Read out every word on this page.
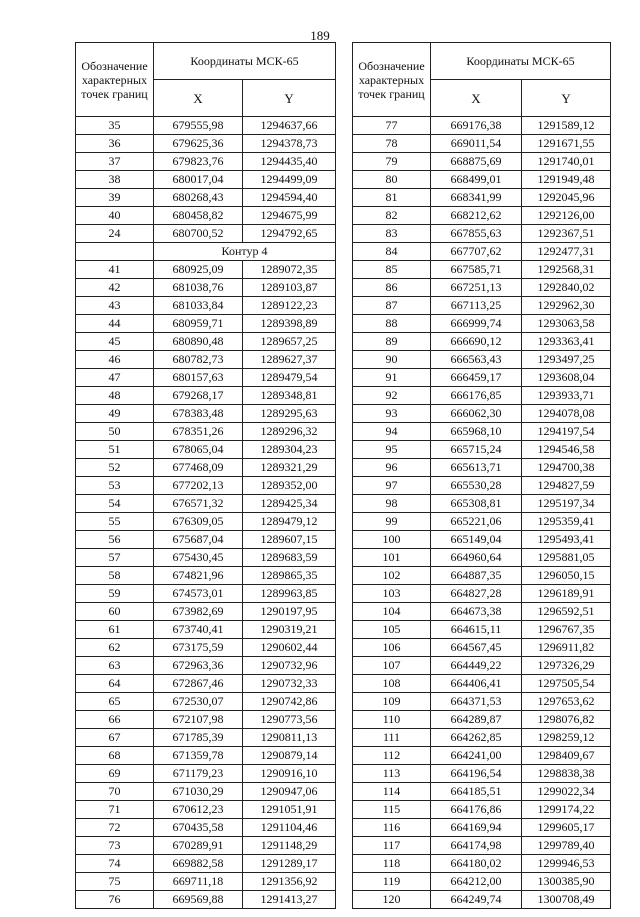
189
Обозначение характерных точек границ	Координаты МСК-65	
	X	Y
35	679555,98	1294637,66
36	679625,36	1294378,73
37	679823,76	1294435,40
38	680017,04	1294499,09
39	680268,43	1294594,40
40	680458,82	1294675,99
24	680700,52	1294792,65
	Контур 4	
41	680925,09	1289072,35
42	681038,76	1289103,87
43	681033,84	1289122,23
44	680959,71	1289398,89
45	680890,48	1289657,25
46	680782,73	1289627,37
47	680157,63	1289479,54
48	679268,17	1289348,81
49	678383,48	1289295,63
50	678351,26	1289296,32
51	678065,04	1289304,23
52	677468,09	1289321,29
53	677202,13	1289352,00
54	676571,32	1289425,34
55	676309,05	1289479,12
56	675687,04	1289607,15
57	675430,45	1289683,59
58	674821,96	1289865,35
59	674573,01	1289963,85
60	673982,69	1290197,95
61	673740,41	1290319,21
62	673175,59	1290602,44
63	672963,36	1290732,96
64	672867,46	1290732,33
65	672530,07	1290742,86
66	672107,98	1290773,56
67	671785,39	1290811,13
68	671359,78	1290879,14
69	671179,23	1290916,10
70	671030,29	1290947,06
71	670612,23	1291051,91
72	670435,58	1291104,46
73	670289,91	1291148,29
74	669882,58	1291289,17
75	669711,18	1291356,92
76	669569,88	1291413,27
Обозначение характерных точек границ	Координаты МСК-65	
	X	Y
77	669176,38	1291589,12
78	669011,54	1291671,55
79	668875,69	1291740,01
80	668499,01	1291949,48
81	668341,99	1292045,96
82	668212,62	1292126,00
83	667855,63	1292367,51
84	667707,62	1292477,31
85	667585,71	1292568,31
86	667251,13	1292840,02
87	667113,25	1292962,30
88	666999,74	1293063,58
89	666690,12	1293363,41
90	666563,43	1293497,25
91	666459,17	1293608,04
92	666176,85	1293933,71
93	666062,30	1294078,08
94	665968,10	1294197,54
95	665715,24	1294546,58
96	665613,71	1294700,38
97	665530,28	1294827,59
98	665308,81	1295197,34
99	665221,06	1295359,41
100	665149,04	1295493,41
101	664960,64	1295881,05
102	664887,35	1296050,15
103	664827,28	1296189,91
104	664673,38	1296592,51
105	664615,11	1296767,35
106	664567,45	1296911,82
107	664449,22	1297326,29
108	664406,41	1297505,54
109	664371,53	1297653,62
110	664289,87	1298076,82
111	664262,85	1298259,12
112	664241,00	1298409,67
113	664196,54	1298838,38
114	664185,51	1299022,34
115	664176,86	1299174,22
116	664169,94	1299605,17
117	664174,98	1299789,40
118	664180,02	1299946,53
119	664212,00	1300385,90
120	664249,74	1300708,49
